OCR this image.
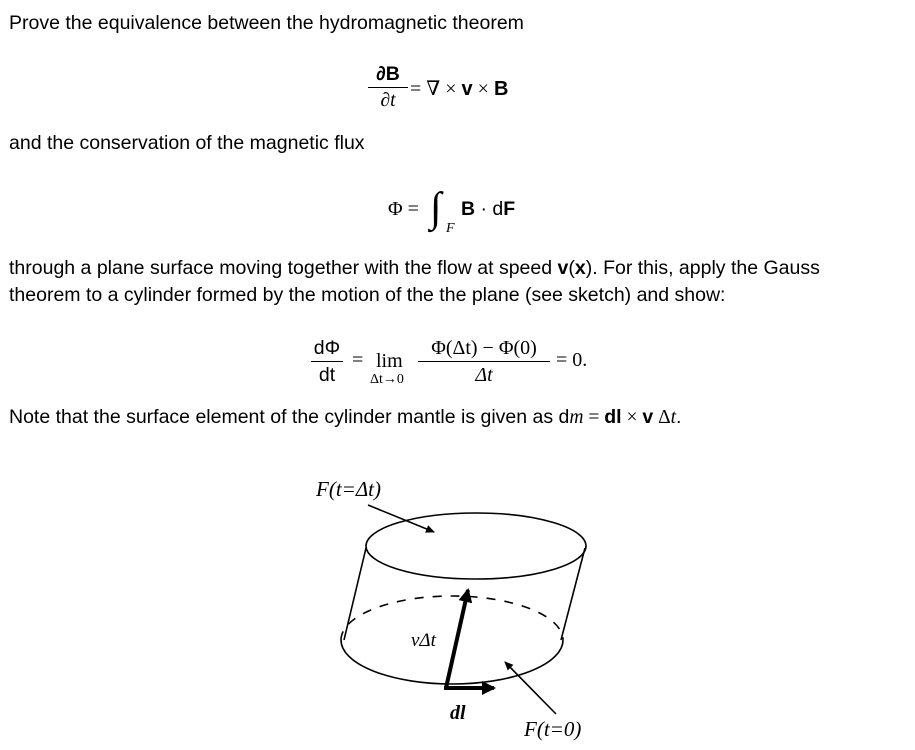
Prove the equivalence between the hydromagnetic theorem
∂B
∂t
= ∇ × v × B
and the conservation of the magnetic flux
Φ = ∫ F
B · dF
through a plane surface moving together with the flow at speed v(x). For this, apply the Gauss
theorem to a cylinder formed by the motion of the the plane (see sketch) and show:
dΦ
dt
= lim
Δt→0
Φ(Δt) − Φ(0)
Δt
= 0.
Note that the surface element of the cylinder mantle is given as dm = dl × v Δt.
F(t=Δt)
vΔt
dl
F(t=0)
